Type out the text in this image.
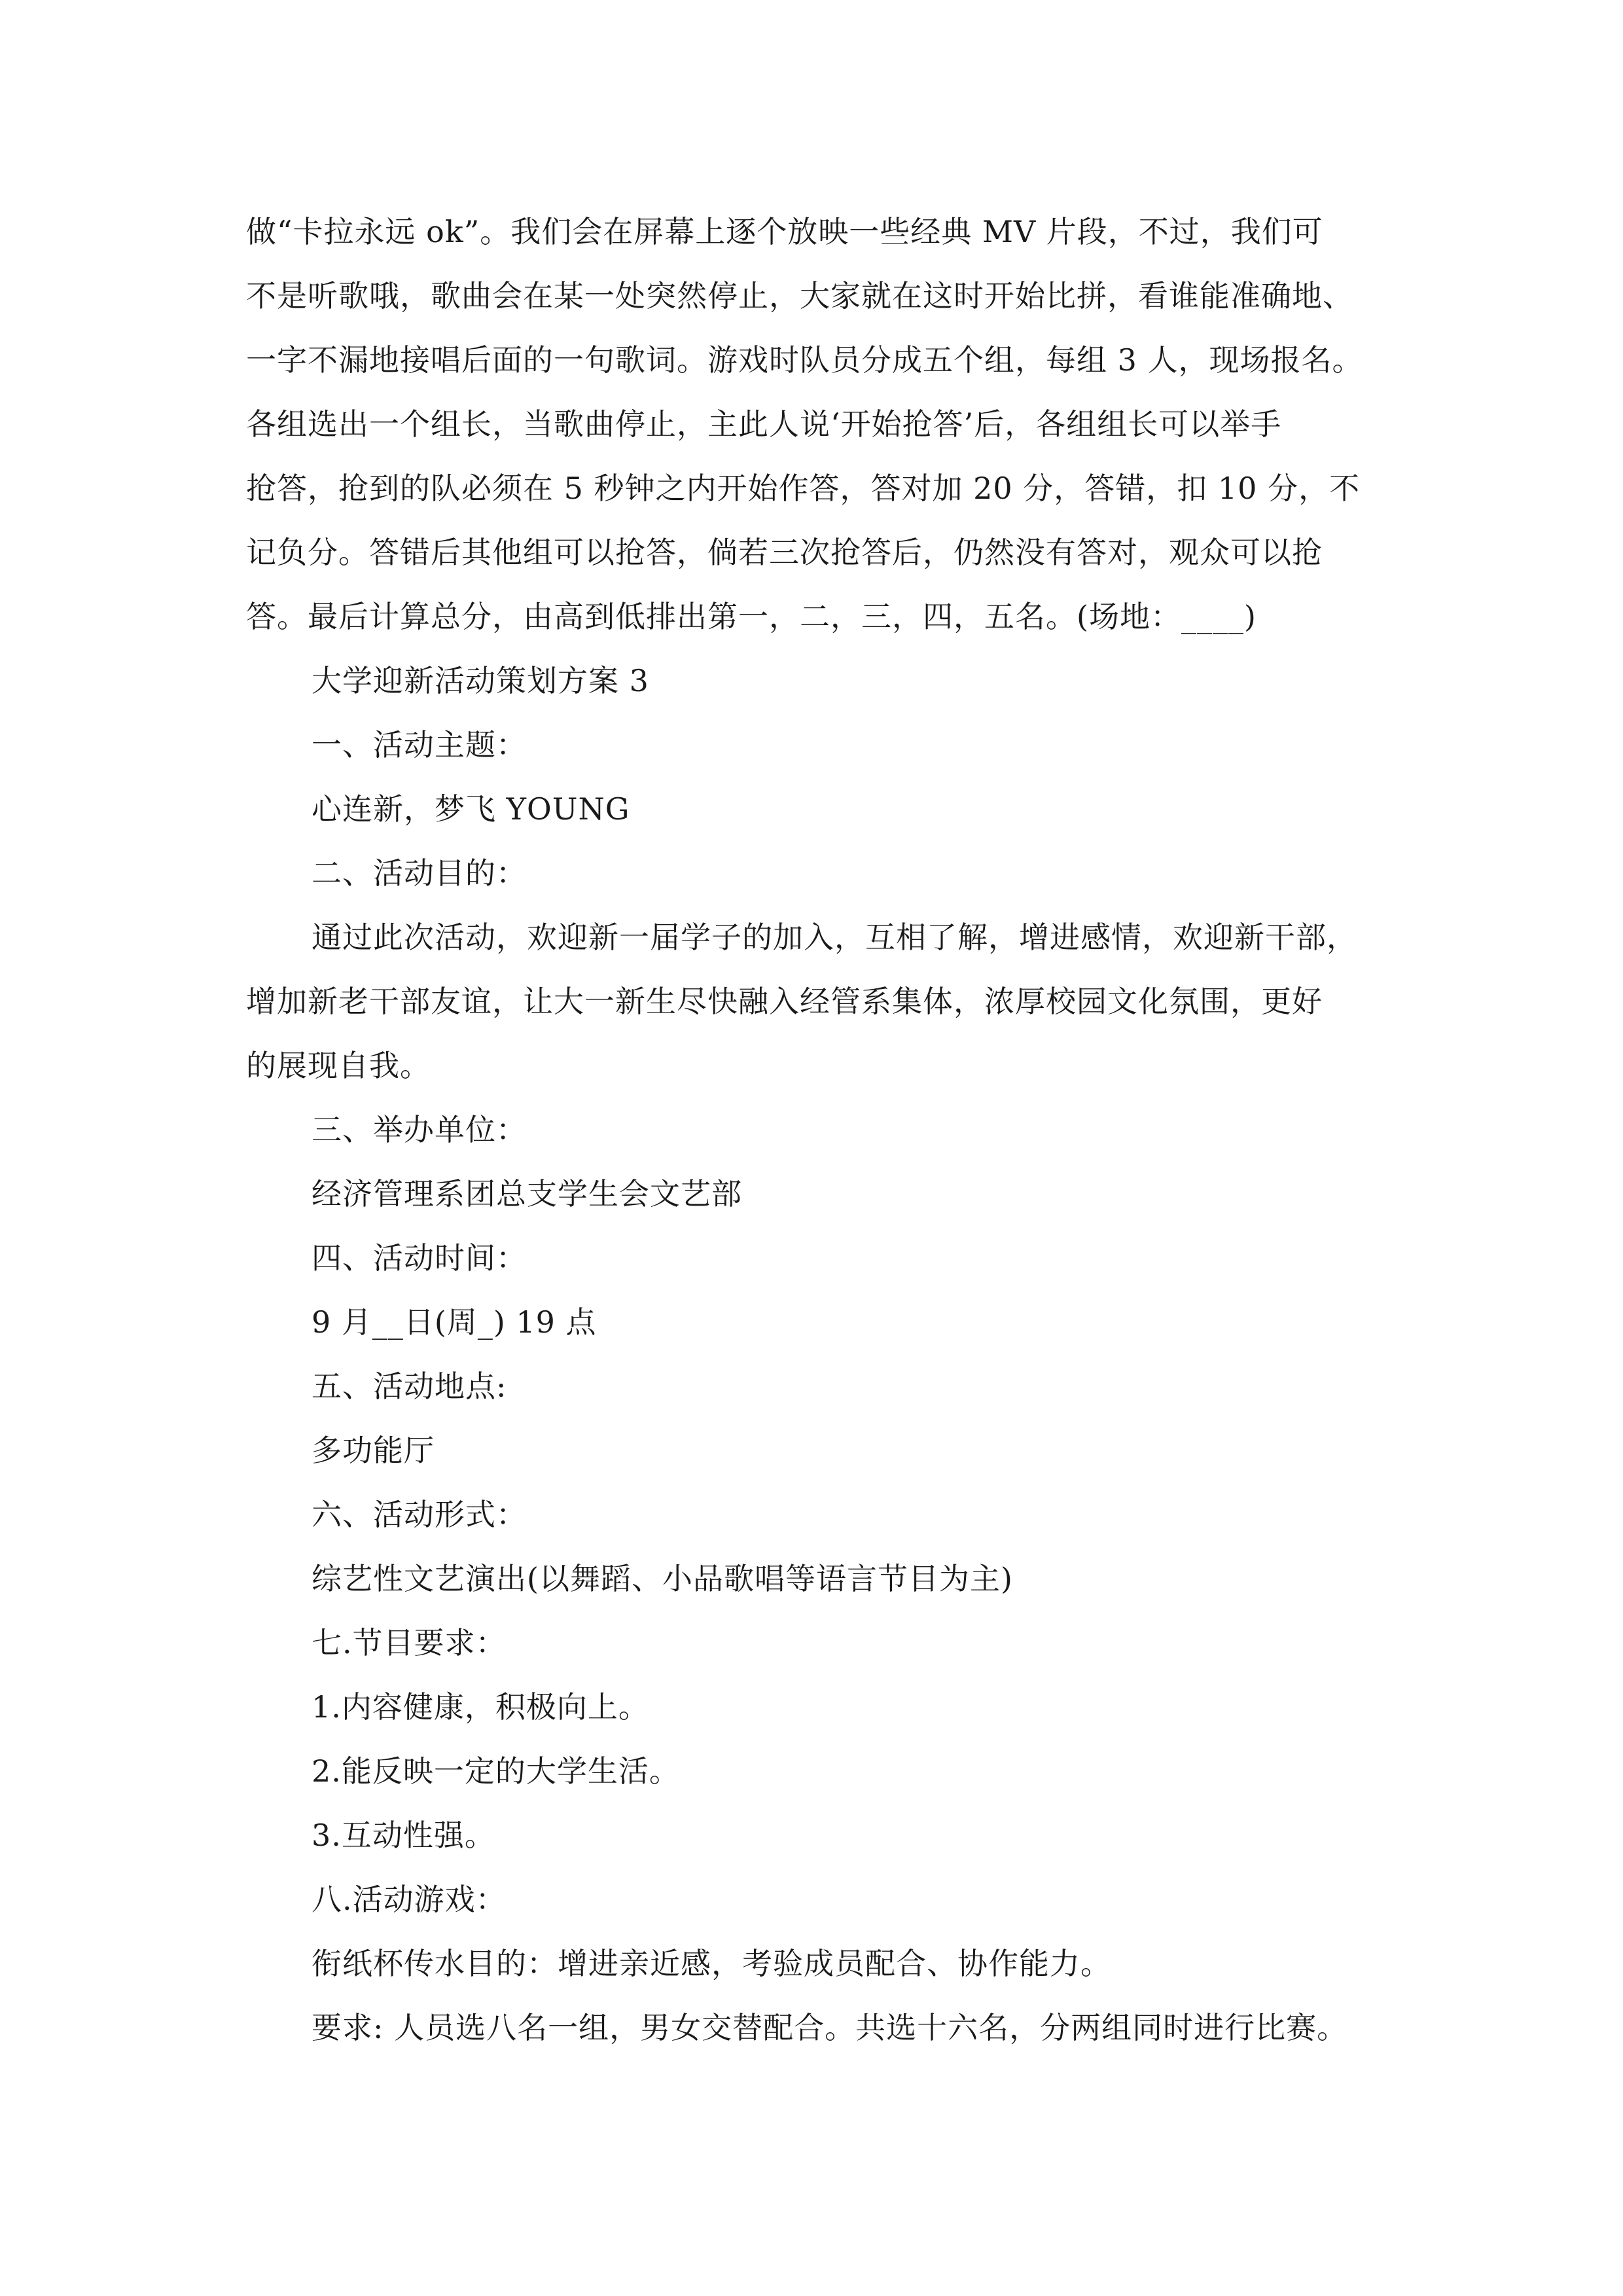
做“卡拉永远 ok”。我们会在屏幕上逐个放映一些经典 MV 片段，不过，我们可
不是听歌哦，歌曲会在某一处突然停止，大家就在这时开始比拼，看谁能准确地、
一字不漏地接唱后面的一句歌词。游戏时队员分成五个组，每组 3 人，现场报名。
各组选出一个组长，当歌曲停止，主此人说‘开始抢答’后，各组组长可以举手
抢答，抢到的队必须在 5 秒钟之内开始作答，答对加 20 分，答错，扣 10 分，不
记负分。答错后其他组可以抢答，倘若三次抢答后，仍然没有答对，观众可以抢
答。最后计算总分，由高到低排出第一，二，三，四，五名。(场地：____)
大学迎新活动策划方案 3
一、活动主题：
心连新，梦飞 YOUNG
二、活动目的：
通过此次活动，欢迎新一届学子的加入，互相了解，增进感情，欢迎新干部，
增加新老干部友谊，让大一新生尽快融入经管系集体，浓厚校园文化氛围，更好
的展现自我。
三、举办单位：
经济管理系团总支学生会文艺部
四、活动时间：
9 月__日(周_) 19 点
五、活动地点:
多功能厅
六、活动形式：
综艺性文艺演出(以舞蹈、小品歌唱等语言节目为主)
七.节目要求：
1.内容健康，积极向上。
2.能反映一定的大学生活。
3.互动性强。
八.活动游戏：
衔纸杯传水目的：增进亲近感，考验成员配合、协作能力。
要求: 人员选八名一组，男女交替配合。共选十六名，分两组同时进行比赛。
